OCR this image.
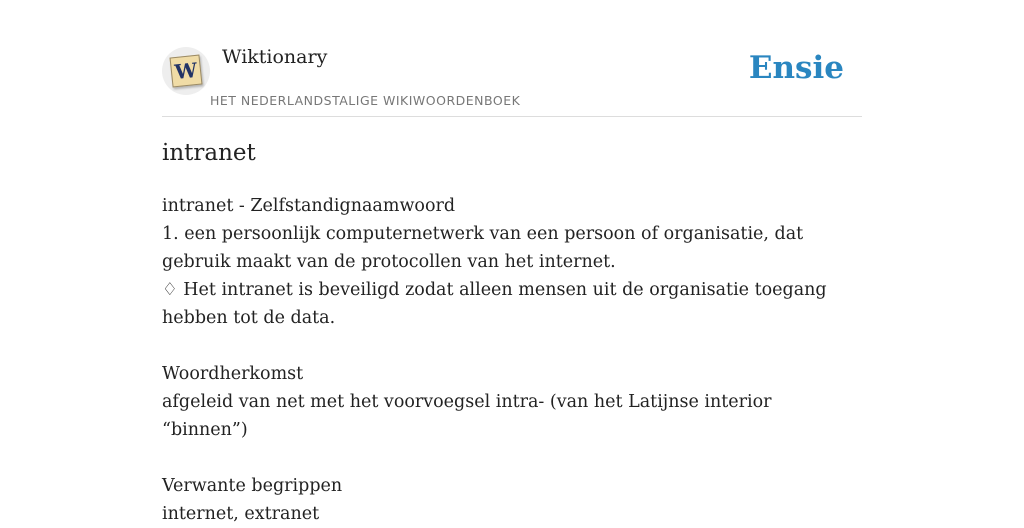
W
Wiktionary
HET NEDERLANDSTALIGE WIKIWOORDENBOEK
Ensie
intranet

intranet - Zelfstandignaamwoord

1. een persoonlijk computernetwerk van een persoon of organisatie, dat gebruik maakt van de protocollen van het internet.

♢ Het intranet is beveiligd zodat alleen mensen uit de organisatie toegang hebben tot de data.

Woordherkomst

afgeleid van net met het voorvoegsel intra- (van het Latijnse interior “binnen”)

Verwante begrippen

internet, extranet
